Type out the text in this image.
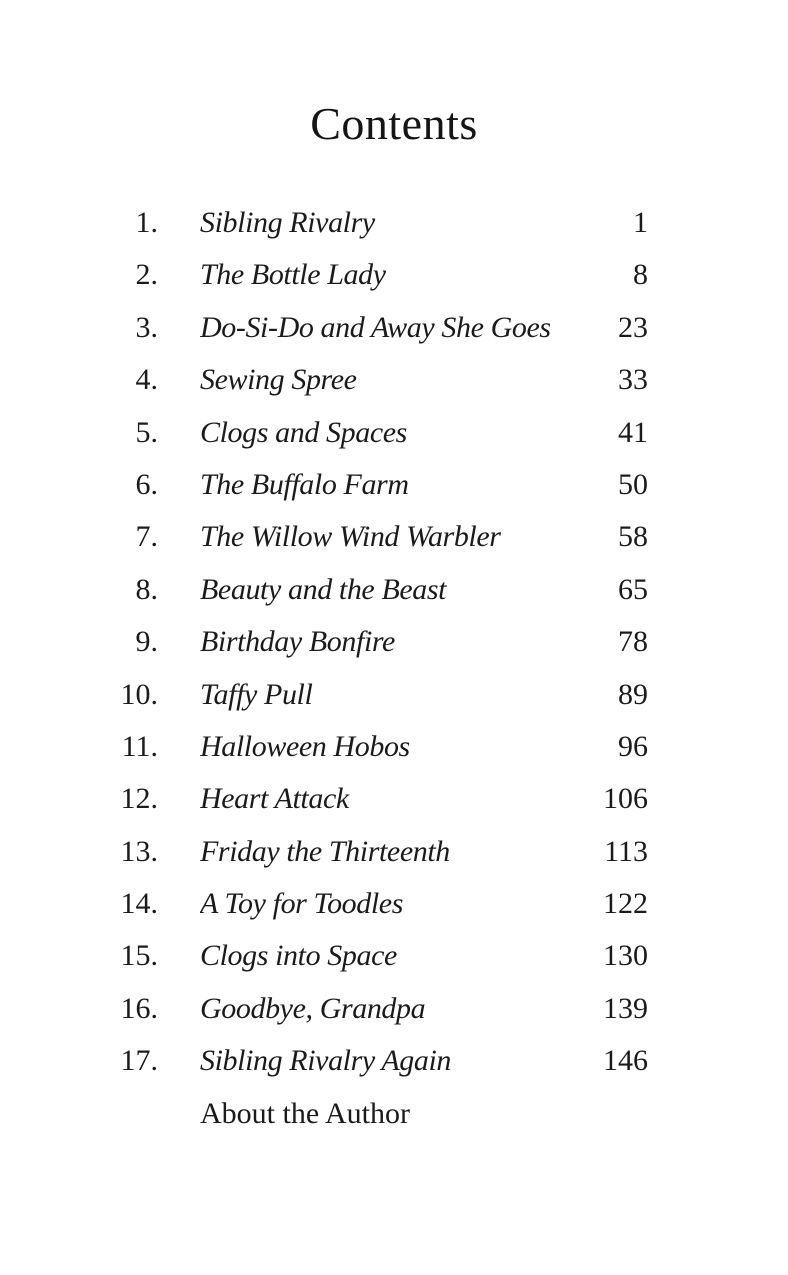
Contents
1. Sibling Rivalry	1
2. The Bottle Lady	8
3. Do-Si-Do and Away She Goes	23
4. Sewing Spree	33
5. Clogs and Spaces	41
6. The Buffalo Farm	50
7. The Willow Wind Warbler	58
8. Beauty and the Beast	65
9. Birthday Bonfire	78
10. Taffy Pull	89
11. Halloween Hobos	96
12. Heart Attack	106
13. Friday the Thirteenth	113
14. A Toy for Toodles	122
15. Clogs into Space	130
16. Goodbye, Grandpa	139
17. Sibling Rivalry Again	146
About the Author
